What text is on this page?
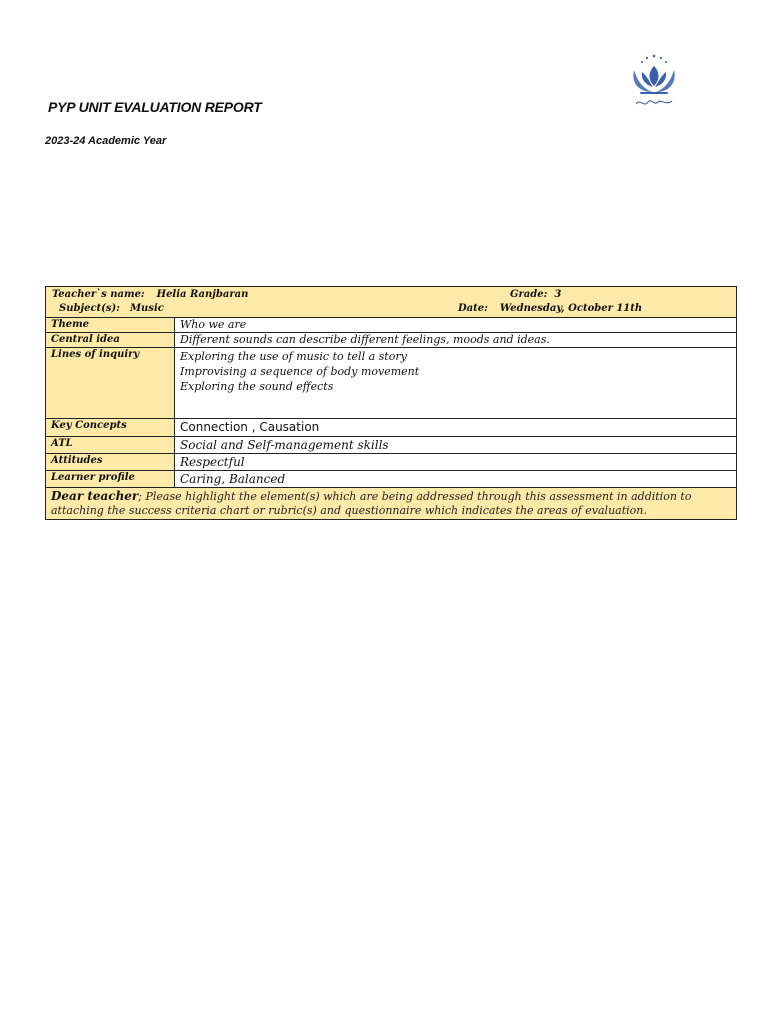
PYP UNIT EVALUATION REPORT
2023-24 Academic Year
Teacher`s name: Helia Ranjbaran Grade: 3
Subject(s): Music Date: Wednesday, October 11th	

Theme	Who we are
Central idea	Different sounds can describe different feelings, moods and ideas.
Lines of inquiry	Exploring the use of music to tell a story
Improvising a sequence of body movement
Exploring the sound effects

Key Concepts	Connection , Causation
ATL	Social and Self-management skills
Attitudes	Respectful
Learner profile	Caring, Balanced
Dear teacher; Please highlight the element(s) which are being addressed through this assessment in addition to attaching the success criteria chart or rubric(s) and questionnaire which indicates the areas of evaluation.	
